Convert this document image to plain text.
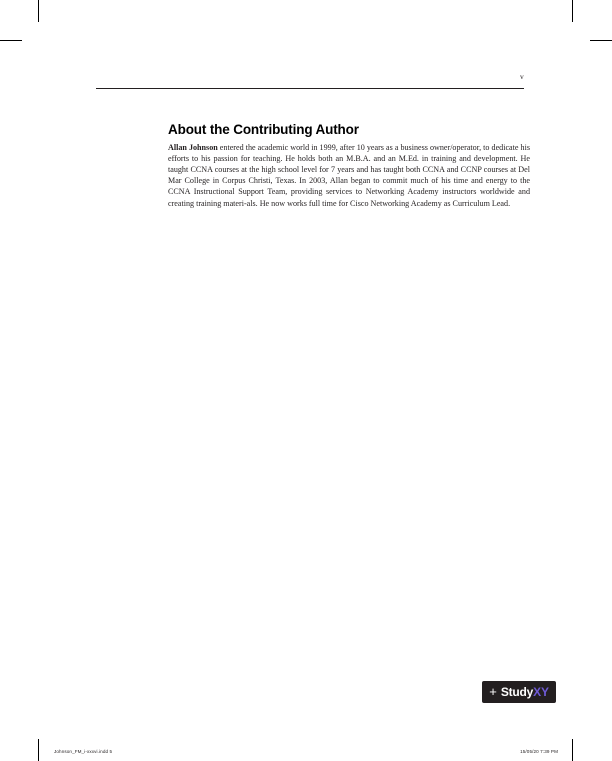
v
About the Contributing Author

Allan Johnson entered the academic world in 1999, after 10 years as a business owner/operator, to dedicate his efforts to his passion for teaching. He holds both an M.B.A. and an M.Ed. in training and development. He taught CCNA courses at the high school level for 7 years and has taught both CCNA and CCNP courses at Del Mar College in Corpus Christi, Texas. In 2003, Allan began to commit much of his time and energy to the CCNA Instructional Support Team, providing services to Networking Academy instructors worldwide and creating training materi-als. He now works full time for Cisco Networking Academy as Curriculum Lead.

+ StudyXY
Johnson_FM_i-xxxvi.indd 5	15/05/20 7:39 PM
